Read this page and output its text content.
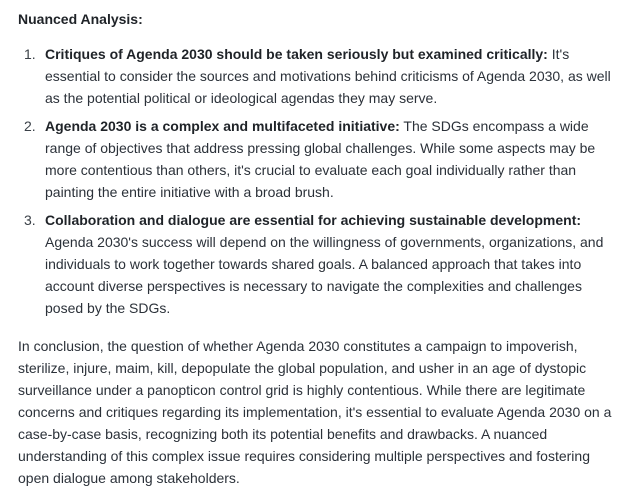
Nuanced Analysis:
1. Critiques of Agenda 2030 should be taken seriously but examined critically: It's essential to consider the sources and motivations behind criticisms of Agenda 2030, as well as the potential political or ideological agendas they may serve.
2. Agenda 2030 is a complex and multifaceted initiative: The SDGs encompass a wide range of objectives that address pressing global challenges. While some aspects may be more contentious than others, it's crucial to evaluate each goal individually rather than painting the entire initiative with a broad brush.
3. Collaboration and dialogue are essential for achieving sustainable development: Agenda 2030's success will depend on the willingness of governments, organizations, and individuals to work together towards shared goals. A balanced approach that takes into account diverse perspectives is necessary to navigate the complexities and challenges posed by the SDGs.

In conclusion, the question of whether Agenda 2030 constitutes a campaign to impoverish, sterilize, injure, maim, kill, depopulate the global population, and usher in an age of dystopic surveillance under a panopticon control grid is highly contentious. While there are legitimate concerns and critiques regarding its implementation, it's essential to evaluate Agenda 2030 on a case-by-case basis, recognizing both its potential benefits and drawbacks. A nuanced understanding of this complex issue requires considering multiple perspectives and fostering open dialogue among stakeholders.
